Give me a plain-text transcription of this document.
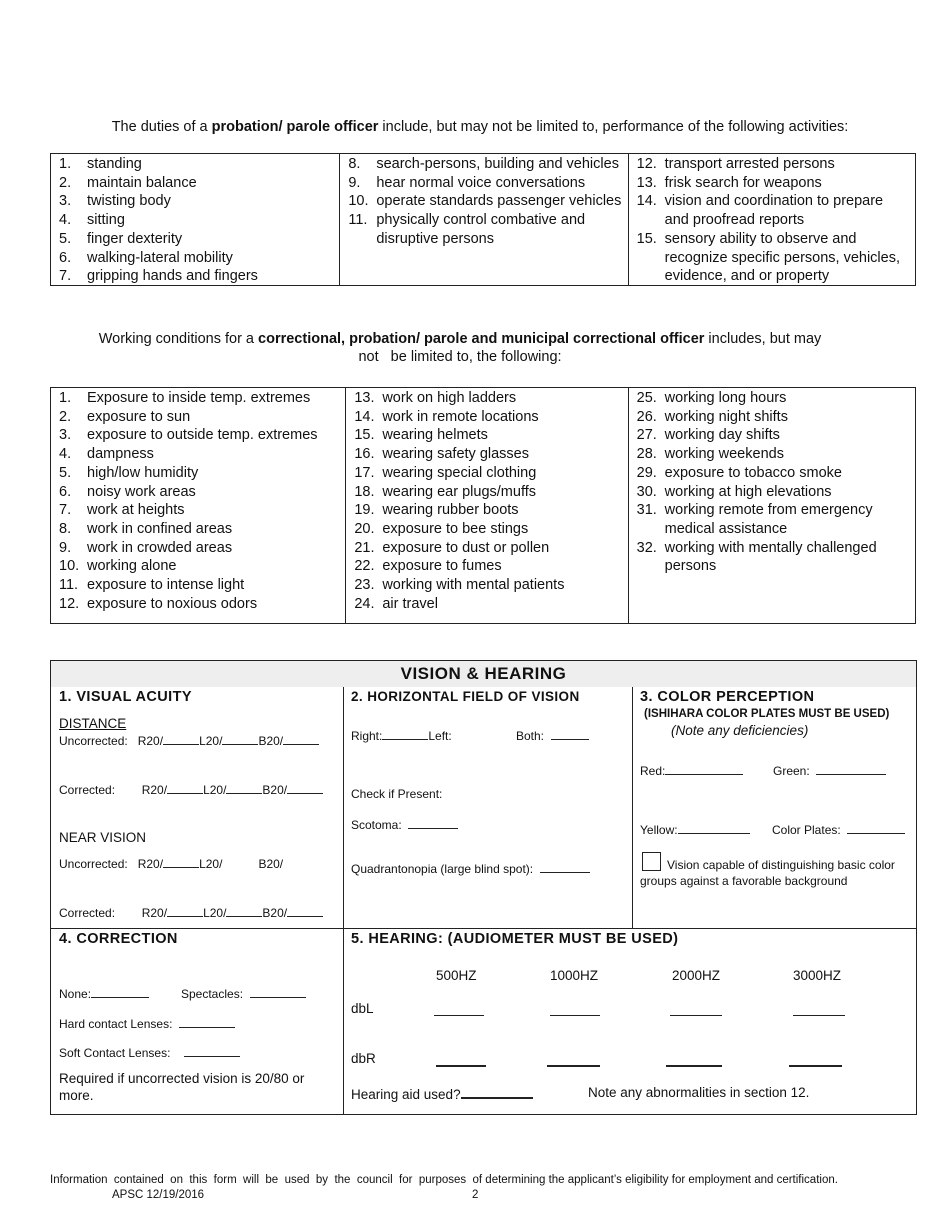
The duties of a probation/ parole officer include, but may not be limited to, performance of the following activities:
1.	standing
2.	maintain balance
3.	twisting body
4.	sitting
5.	finger dexterity
6.	walking-lateral mobility
7.	gripping hands and fingers
8.	search-persons, building and vehicles
9.	hear normal voice conversations
10. operate standards passenger vehicles
11. physically control combative and disruptive persons
12. transport arrested persons
13. frisk search for weapons
14. vision and coordination to prepare and proofread reports
15. sensory ability to observe and recognize specific persons, vehicles, evidence, and or property
Working conditions for a correctional, probation/ parole and municipal correctional officer includes, but may
not   be limited to, the following:
1.	Exposure to inside temp. extremes
2.	exposure to sun
3.	exposure to outside temp. extremes
4.	dampness
5.	high/low humidity
6.	noisy work areas
7.	work at heights
8.	work in confined areas
9.	work in crowded areas
10. working alone
11. exposure to intense light
12. exposure to noxious odors
13. work on high ladders
14. work in remote locations
15. wearing helmets
16. wearing safety glasses
17. wearing special clothing
18. wearing ear plugs/muffs
19. wearing rubber boots
20. exposure to bee stings
21. exposure to dust or pollen
22. exposure to fumes
23. working with mental patients
24. air travel
25. working long hours
26. working night shifts
27. working day shifts
28. working weekends
29. exposure to tobacco smoke
30. working at high elevations
31. working remote from emergency medical assistance
32. working with mentally challenged persons
VISION & HEARING
1. VISUAL ACUITY
DISTANCE
Uncorrected: R20/	L20/	B20/
Corrected: R20/	L20/	B20/
NEAR VISION
Uncorrected: R20/	L20/	B20/
Corrected: R20/	L20/	B20/
2. HORIZONTAL FIELD OF VISION
Right:	Left:	Both:
Check if Present:
Scotoma:
Quadrantonopia (large blind spot):
3. COLOR PERCEPTION
(ISHIHARA COLOR PLATES MUST BE USED)
(Note any deficiencies)
Red:	Green:
Yellow:	Color Plates:
Vision capable of distinguishing basic color
groups against a favorable background
4. CORRECTION
None:	Spectacles:
Hard contact Lenses:
Soft Contact Lenses:
Required if uncorrected vision is 20/80 or more.
5. HEARING: (AUDIOMETER MUST BE USED)
500HZ	1000HZ	2000HZ	3000HZ
dbL
dbR
Hearing aid used?	Note any abnormalities in section 12.
Information  contained  on  this  form  will  be  used  by  the  council  for  purposes  of determining the applicant’s eligibility for employment and certification.
APSC 12/19/2016	2
